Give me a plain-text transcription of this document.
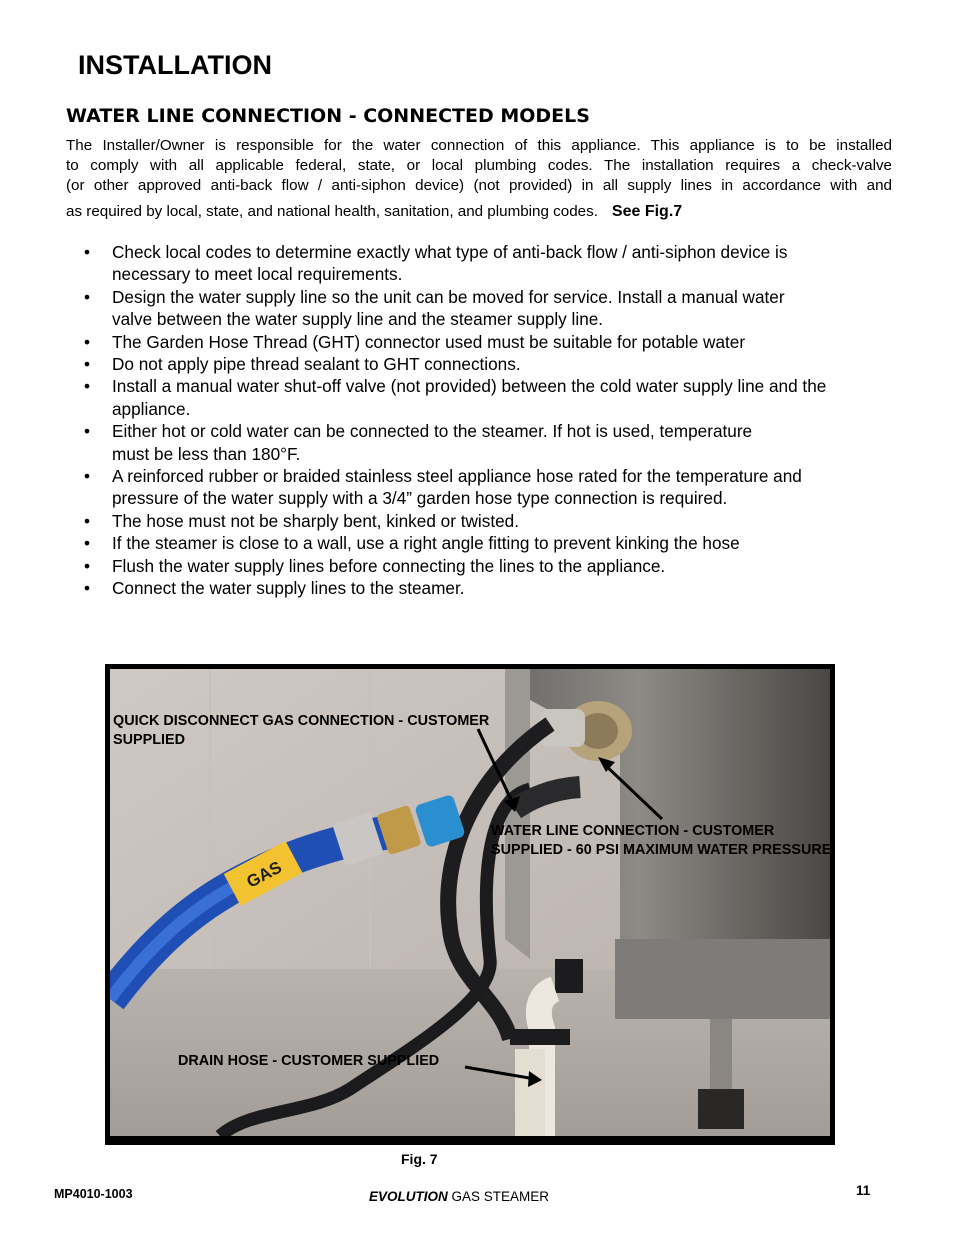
INSTALLATION
WATER LINE CONNECTION - CONNECTED MODELS
The Installer/Owner is responsible for the water connection of this appliance. This appliance is to be installed
to comply with all applicable federal, state, or local plumbing codes. The installation requires a check-valve
(or other approved anti-back flow / anti-siphon device) (not provided) in all supply lines in accordance with and
as required by local, state, and national health, sanitation, and plumbing codes. See Fig.7
• Check local codes to determine exactly what type of anti-back flow / anti-siphon device is
necessary to meet local requirements.
• Design the water supply line so the unit can be moved for service. Install a manual water
valve between the water supply line and the steamer supply line.
• The Garden Hose Thread (GHT) connector used must be suitable for potable water
• Do not apply pipe thread sealant to GHT connections.
• Install a manual water shut-off valve (not provided) between the cold water supply line and the
appliance.
• Either hot or cold water can be connected to the steamer. If hot is used, temperature
must be less than 180°F.
• A reinforced rubber or braided stainless steel appliance hose rated for the temperature and
pressure of the water supply with a 3/4” garden hose type connection is required.
• The hose must not be sharply bent, kinked or twisted.
• If the steamer is close to a wall, use a right angle fitting to prevent kinking the hose
• Flush the water supply lines before connecting the lines to the appliance.
• Connect the water supply lines to the steamer.
GAS
QUICK DISCONNECT GAS CONNECTION - CUSTOMER
SUPPLIED
WATER LINE CONNECTION - CUSTOMER
SUPPLIED - 60 PSI MAXIMUM WATER PRESSURE
DRAIN HOSE - CUSTOMER SUPPLIED
Fig. 7
MP4010-1003	EVOLUTION GAS STEAMER	11
